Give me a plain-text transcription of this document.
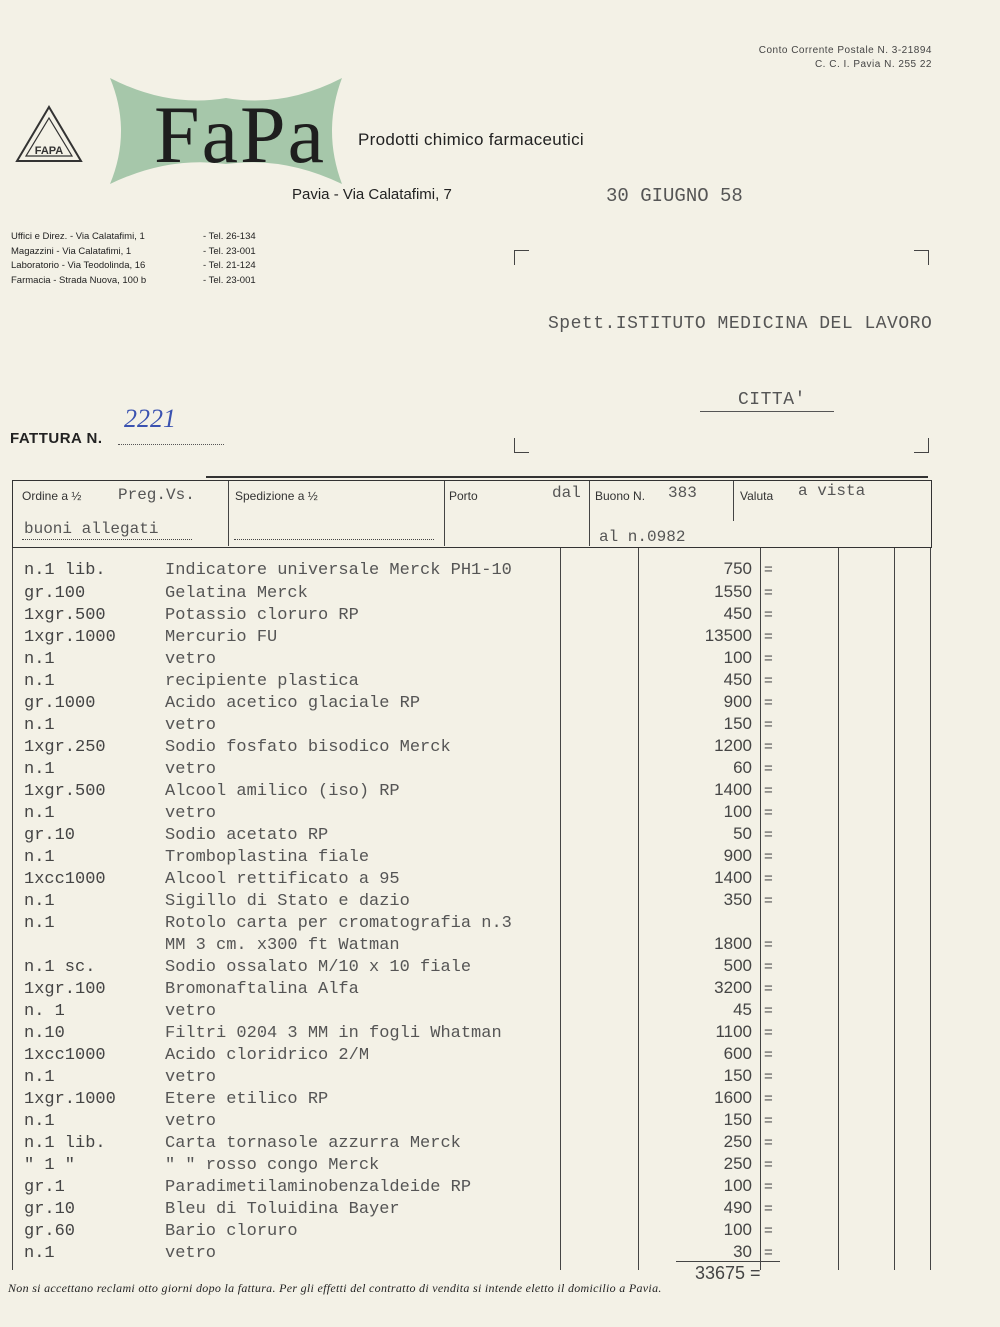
FAPA FaPa Prodotti chimico farmaceutici
Pavia - Via Calatafimi, 7
Conto Corrente Postale N. 3-21894
C. C. I. Pavia N. 255 22
30 GIUGNO 58
Uffici e Direz. - Via Calatafimi, 1	- Tel. 26-134
Magazzini - Via Calatafimi, 1	- Tel. 23-001
Laboratorio - Via Teodolinda, 16	- Tel. 21-124
Farmacia - Strada Nuova, 100 b	- Tel. 23-001
Spett.ISTITUTO MEDICINA DEL LAVORO
CITTA'
FATTURA N.
2221
Ordine a ½ Preg.Vs.
buoni allegati
Spedizione a ½	Porto	dal Buono N. 383
al n.0982
Valuta a vista
n.1 lib.	Indicatore universale Merck PH1-10	750 =
gr.100	Gelatina Merck	1550 =
1xgr.500	Potassio cloruro RP	450 =
1xgr.1000	Mercurio FU	13500 =
n.1	vetro	100 =
n.1	recipiente plastica	450 =
gr.1000	Acido acetico glaciale RP	900 =
n.1	vetro	150 =
1xgr.250	Sodio fosfato bisodico Merck	1200 =
n.1	vetro	60 =
1xgr.500	Alcool amilico (iso) RP	1400 =
n.1	vetro	100 =
gr.10	Sodio acetato RP	50 =
n.1	Tromboplastina fiale	900 =
1xcc1000	Alcool rettificato a 95	1400 =
n.1	Sigillo di Stato e dazio	350 =
n.1	Rotolo carta per cromatografia n.3
MM 3 cm. x300 ft Watman	1800 =
n.1 sc.	Sodio ossalato M/10 x 10 fiale	500 =
1xgr.100	Bromonaftalina Alfa	3200 =
n. 1	vetro	45 =
n.10	Filtri 0204 3 MM in fogli Whatman	1100 =
1xcc1000	Acido cloridrico 2/M	600 =
n.1	vetro	150 =
1xgr.1000	Etere etilico RP	1600 =
n.1	vetro	150 =
n.1 lib.	Carta tornasole azzurra Merck	250 =
" 1 "	" " rosso congo Merck	250 =
gr.1	Paradimetilaminobenzaldeide RP	100 =
gr.10	Bleu di Toluidina Bayer	490 =
gr.60	Bario cloruro	100 =
n.1	vetro	30 =
33675 =
Non si accettano reclami otto giorni dopo la fattura. Per gli effetti del contratto di vendita si intende eletto il domicilio a Pavia.
